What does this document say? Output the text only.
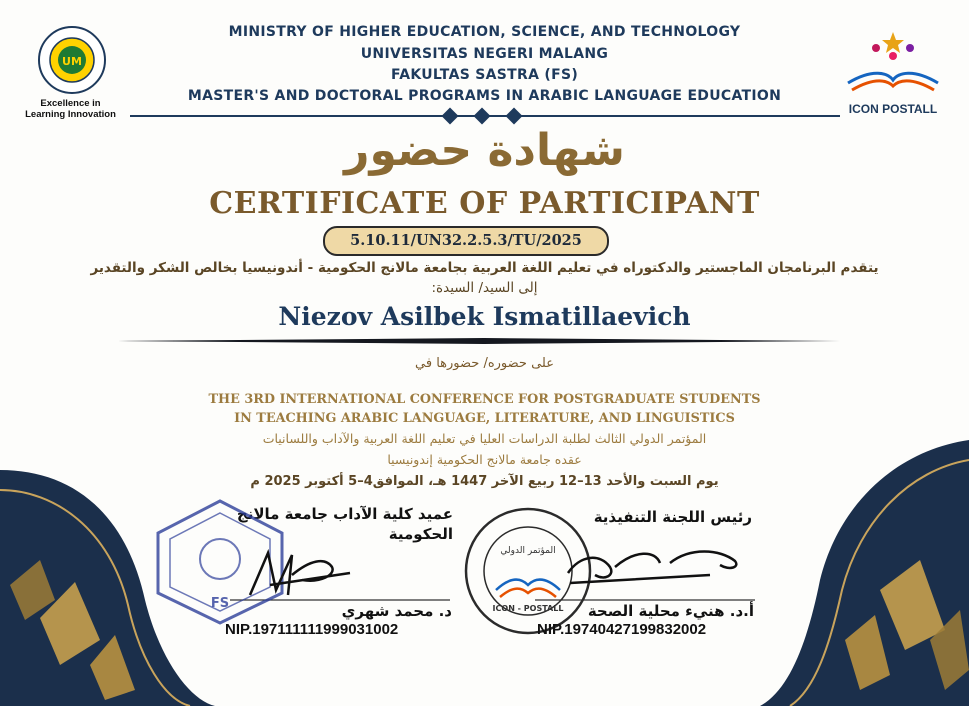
UM
Excellence in
Learning Innovation	ICON POSTALL
MINISTRY OF HIGHER EDUCATION, SCIENCE, AND TECHNOLOGY
UNIVERSITAS NEGERI MALANG
FAKULTAS SASTRA (FS)
MASTER'S AND DOCTORAL PROGRAMS IN ARABIC LANGUAGE EDUCATION
شهادة حضور
CERTIFICATE OF PARTICIPANT
5.10.11/UN32.2.5.3/TU/2025
يتقدم البرنامجان الماجستير والدكتوراه في تعليم اللغة العربية بجامعة مالانج الحكومية - أندونيسيا بخالص الشكر والتقدير
إلى السيد/ السيدة:
Niezov Asilbek Ismatillaevich
على حضوره/ حضورها في
THE 3RD INTERNATIONAL CONFERENCE FOR POSTGRADUATE STUDENTS
IN TEACHING ARABIC LANGUAGE, LITERATURE, AND LINGUISTICS
المؤتمر الدولي الثالث لطلبة الدراسات العليا في تعليم اللغة العربية والآداب واللسانيات
عقده جامعة مالانج الحكومية إندونيسيا
يوم السبت والأحد 13–12 ربيع الآخر 1447 هـ، الموافق4–5 أكتوبر 2025 م
عميد كلية الآداب جامعة مالانج
الحكومية
FS	د. محمد شهري
NIP.197111111999031002
رئيس اللجنة التنفيذية
المؤتمر الدولي
ICON - POSTALL	أ.د. هنيء محلية الصحة
NIP.19740427199832002
